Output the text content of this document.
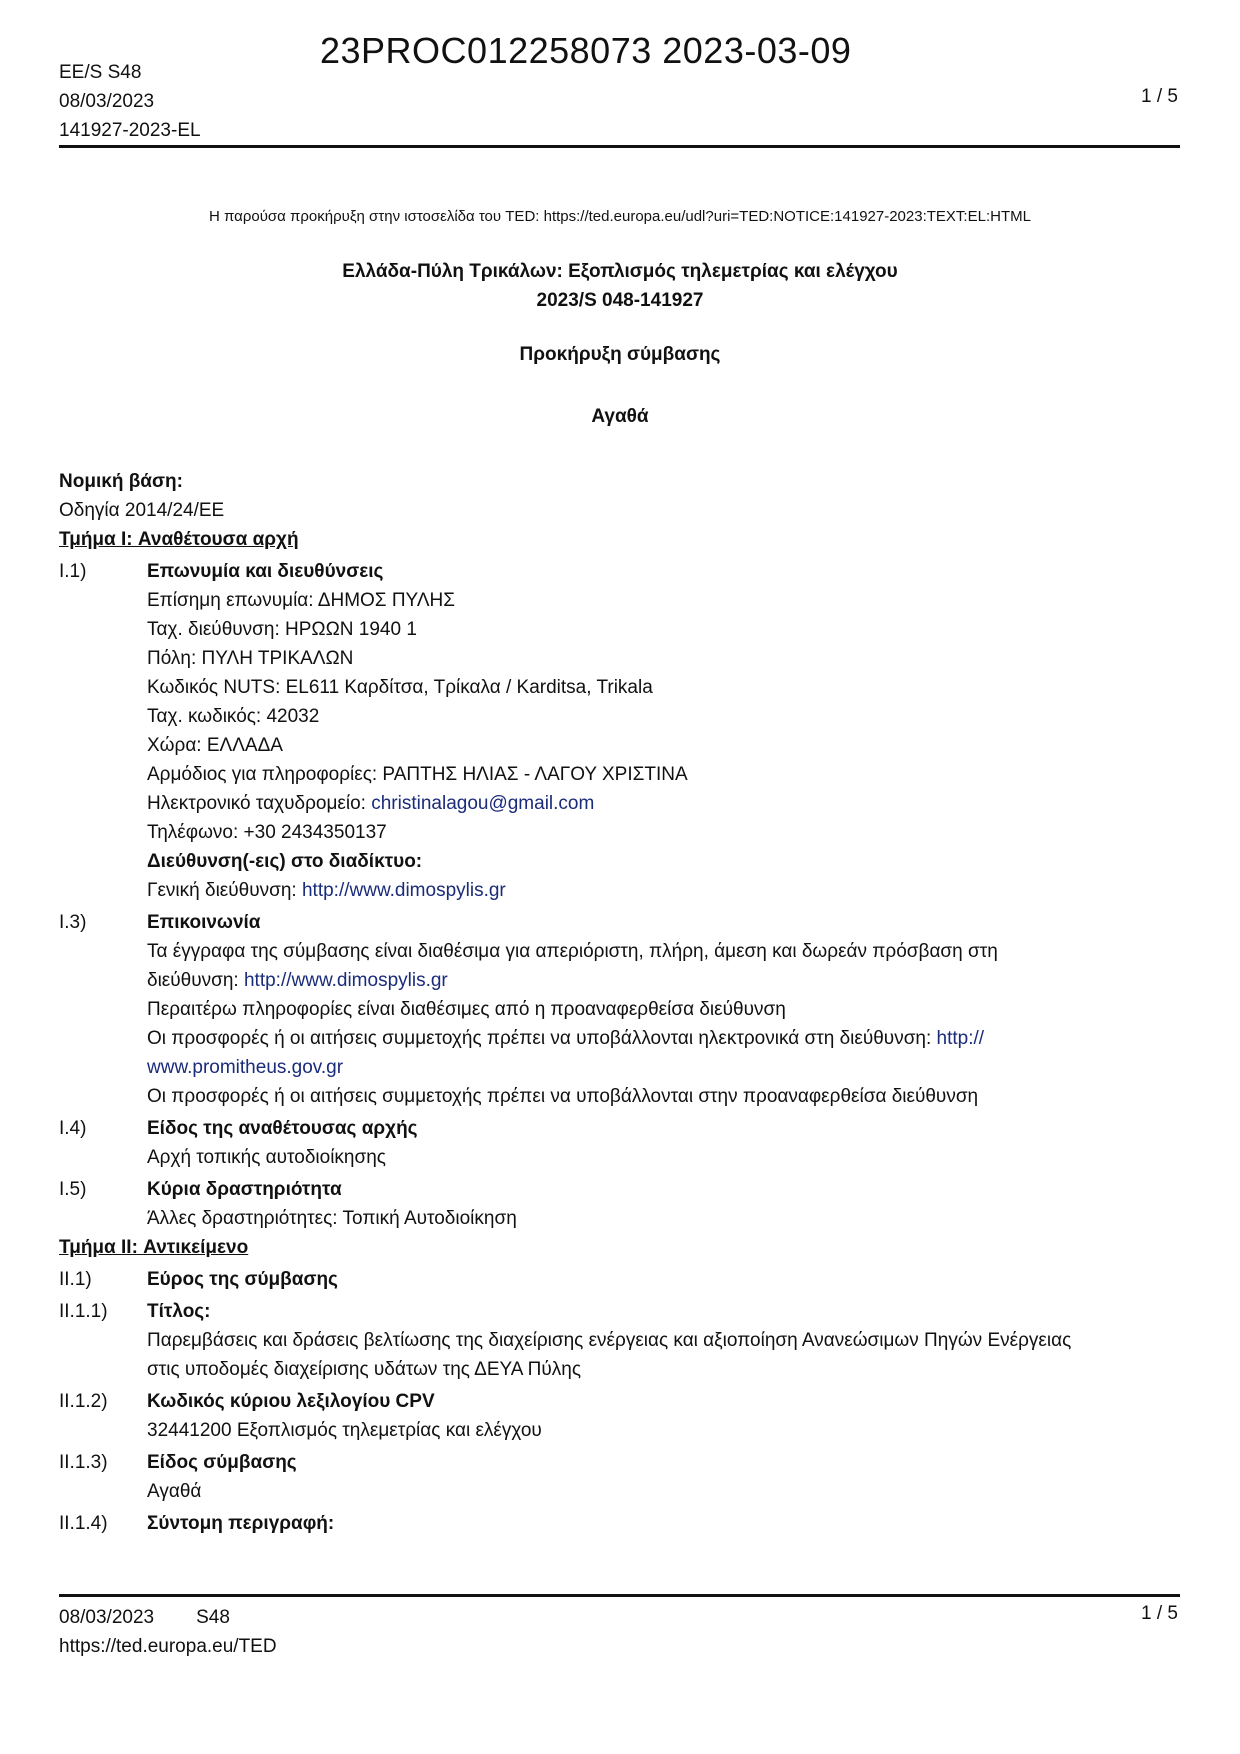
ΕΕ/S S48
08/03/2023
141927-2023-EL
23PROC012258073 2023-03-09
1 / 5
Η παρούσα προκήρυξη στην ιστοσελίδα του TED: https://ted.europa.eu/udl?uri=TED:NOTICE:141927-2023:TEXT:EL:HTML
Ελλάδα-Πύλη Τρικάλων: Εξοπλισμός τηλεμετρίας και ελέγχου
2023/S 048-141927
Προκήρυξη σύμβασης
Αγαθά
Νομική βάση:
Οδηγία 2014/24/ΕΕ
Τμήμα I: Αναθέτουσα αρχή
I.1)	Επωνυμία και διευθύνσεις
Επίσημη επωνυμία: ΔΗΜΟΣ ΠΥΛΗΣ
Ταχ. διεύθυνση: ΗΡΩΩΝ 1940 1
Πόλη: ΠΥΛΗ ΤΡΙΚΑΛΩΝ
Κωδικός NUTS: EL611 Καρδίτσα, Τρίκαλα / Karditsa, Trikala
Ταχ. κωδικός: 42032
Χώρα: ΕΛΛΑΔΑ
Αρμόδιος για πληροφορίες: ΡΑΠΤΗΣ ΗΛΙΑΣ - ΛΑΓΟΥ ΧΡΙΣΤΙΝΑ
Ηλεκτρονικό ταχυδρομείο: christinalagou@gmail.com
Τηλέφωνο: +30 2434350137
Διεύθυνση(-εις) στο διαδίκτυο:
Γενική διεύθυνση: http://www.dimospylis.gr
I.3)	Επικοινωνία
Τα έγγραφα της σύμβασης είναι διαθέσιμα για απεριόριστη, πλήρη, άμεση και δωρεάν πρόσβαση στη
διεύθυνση: http://www.dimospylis.gr
Περαιτέρω πληροφορίες είναι διαθέσιμες από η προαναφερθείσα διεύθυνση
Οι προσφορές ή οι αιτήσεις συμμετοχής πρέπει να υποβάλλονται ηλεκτρονικά στη διεύθυνση: http://
www.promitheus.gov.gr
Οι προσφορές ή οι αιτήσεις συμμετοχής πρέπει να υποβάλλονται στην προαναφερθείσα διεύθυνση
I.4)	Είδος της αναθέτουσας αρχής
Αρχή τοπικής αυτοδιοίκησης
I.5)	Κύρια δραστηριότητα
Άλλες δραστηριότητες: Τοπική Αυτοδιοίκηση
Τμήμα II: Αντικείμενο
II.1)	Εύρος της σύμβασης
II.1.1)	Τίτλος:
Παρεμβάσεις και δράσεις βελτίωσης της διαχείρισης ενέργειας και αξιοποίηση Ανανεώσιμων Πηγών Ενέργειας
στις υποδομές διαχείρισης υδάτων της ΔΕΥΑ Πύλης
II.1.2)	Κωδικός κύριου λεξιλογίου CPV
32441200 Εξοπλισμός τηλεμετρίας και ελέγχου
II.1.3)	Είδος σύμβασης
Αγαθά
II.1.4)	Σύντομη περιγραφή:
08/03/2023 S48
https://ted.europa.eu/TED
1 / 5
